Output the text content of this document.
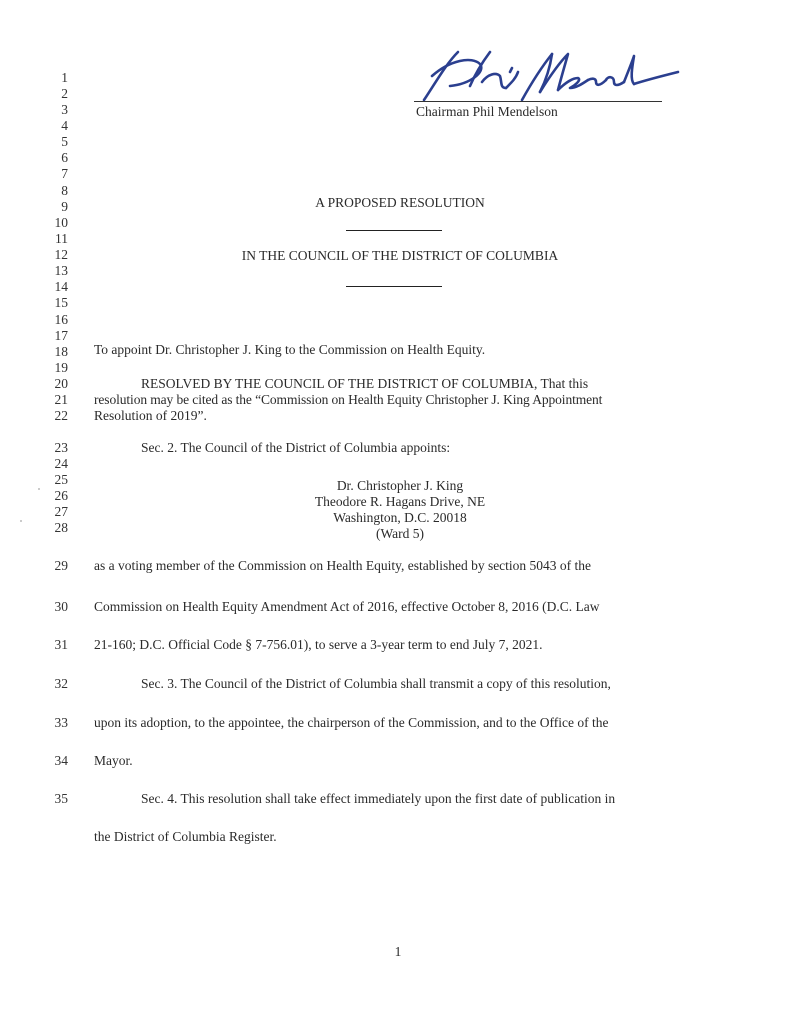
Chairman Phil Mendelson
1
2
3
4
5
6
7
8
9
10
11
12
13
14
15
16
17
18
19
20
21
22
23
24
25
26
27
28
29
30
31
32
33
34
35
A PROPOSED RESOLUTION
IN THE COUNCIL OF THE DISTRICT OF COLUMBIA
To appoint Dr. Christopher J. King to the Commission on Health Equity.
RESOLVED BY THE COUNCIL OF THE DISTRICT OF COLUMBIA, That this
resolution may be cited as the “Commission on Health Equity Christopher J. King Appointment
Resolution of 2019”.
Sec. 2. The Council of the District of Columbia appoints:
Dr. Christopher J. King
Theodore R. Hagans Drive, NE
Washington, D.C. 20018
(Ward 5)
as a voting member of the Commission on Health Equity, established by section 5043 of the
Commission on Health Equity Amendment Act of 2016, effective October 8, 2016 (D.C. Law
21-160; D.C. Official Code § 7-756.01), to serve a 3-year term to end July 7, 2021.
Sec. 3. The Council of the District of Columbia shall transmit a copy of this resolution,
upon its adoption, to the appointee, the chairperson of the Commission, and to the Office of the
Mayor.
Sec. 4. This resolution shall take effect immediately upon the first date of publication in
the District of Columbia Register.
1
